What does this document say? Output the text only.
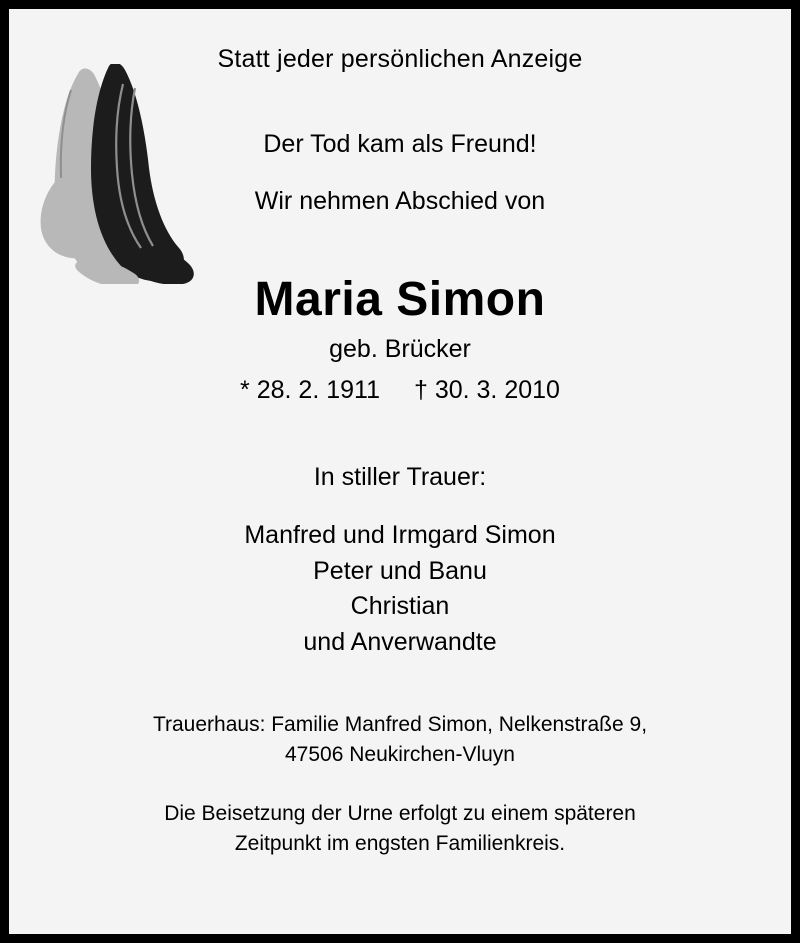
Statt jeder persönlichen Anzeige
Der Tod kam als Freund!
Wir nehmen Abschied von
Maria Simon
geb. Brücker
* 28. 2. 1911 † 30. 3. 2010
In stiller Trauer:
Manfred und Irmgard Simon
Peter und Banu
Christian
und Anverwandte
Trauerhaus: Familie Manfred Simon, Nelkenstraße 9,
47506 Neukirchen-Vluyn
Die Beisetzung der Urne erfolgt zu einem späteren
Zeitpunkt im engsten Familienkreis.
